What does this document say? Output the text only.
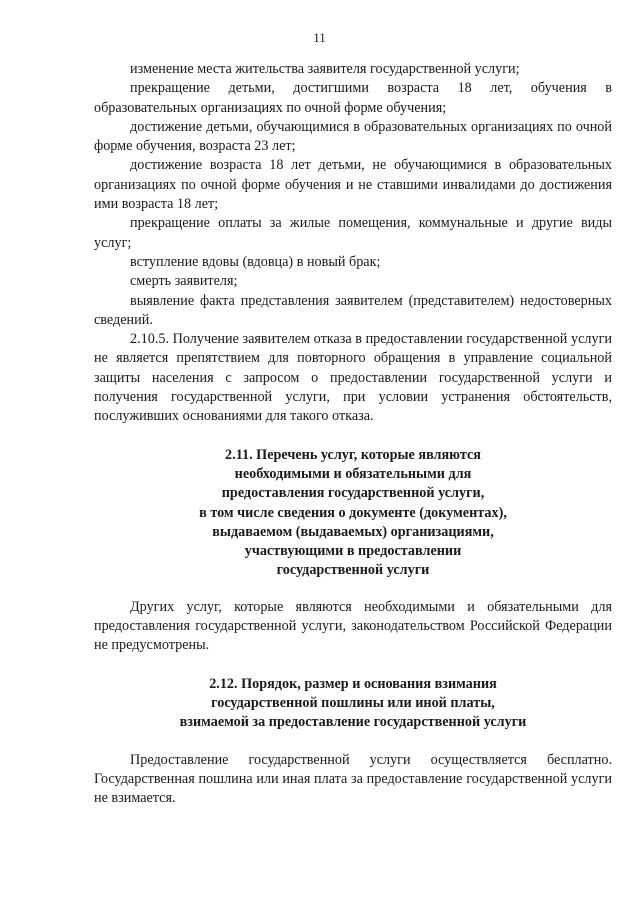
11

изменение места жительства заявителя государственной услуги;

прекращение детьми, достигшими возраста 18 лет, обучения в образовательных организациях по очной форме обучения;

достижение детьми, обучающимися в образовательных организациях по очной форме обучения, возраста 23 лет;

достижение возраста 18 лет детьми, не обучающимися в образовательных организациях по очной форме обучения и не ставшими инвалидами до достижения ими возраста 18 лет;

прекращение оплаты за жилые помещения, коммунальные и другие виды услуг;

вступление вдовы (вдовца) в новый брак;

смерть заявителя;

выявление факта представления заявителем (представителем) недостоверных сведений.

2.10.5. Получение заявителем отказа в предоставлении государственной услуги не является препятствием для повторного обращения в управление социальной защиты населения с запросом о предоставлении государственной услуги и получения государственной услуги, при условии устранения обстоятельств, послуживших основаниями для такого отказа.

2.11. Перечень услуг, которые являются
необходимыми и обязательными для
предоставления государственной услуги,
в том числе сведения о документе (документах),
выдаваемом (выдаваемых) организациями,
участвующими в предоставлении
государственной услуги

Других услуг, которые являются необходимыми и обязательными для предоставления государственной услуги, законодательством Российской Федерации не предусмотрены.

2.12. Порядок, размер и основания взимания
государственной пошлины или иной платы,
взимаемой за предоставление государственной услуги

Предоставление государственной услуги осуществляется бесплатно. Государственная пошлина или иная плата за предоставление государственной услуги не взимается.
